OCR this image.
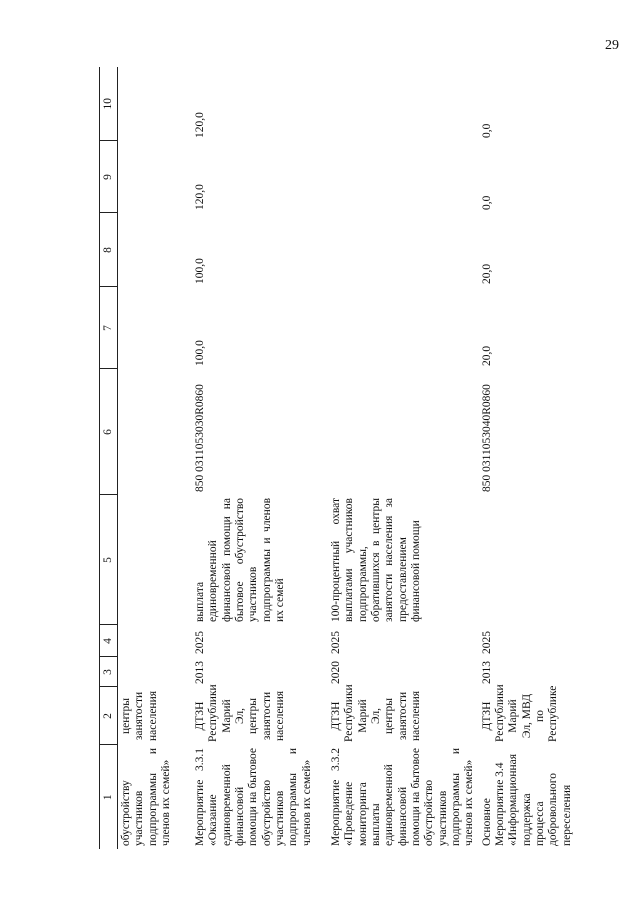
29
1	2	3	4	5	6	7	8	9	10
обустройству участников подпрограммы и членов их семей»	центры занятости населения								
Мероприятие 3.3.1 «Оказание единовременной финансовой помощи на бытовое обустройство участников подпрограммы и членов их семей»	ДТЗН Республики Марий Эл, центры занятости населения	2013	2025	выплата единовременной финансовой помощи на бытовое обустройство участников подпрограммы и членов их семей	850 0311053030R0860	100,0	100,0	120,0	120,0
Мероприятие 3.3.2 «Проведение мониторинга выплаты единовременной финансовой помощи на бытовое обустройство участников подпрограммы и членов их семей»	ДТЗН Республики Марий Эл, центры занятости населения	2020	2025	100-процентный охват выплатами участников подпрограммы, обратившихся в центры занятости населения за предоставлением финансовой помощи					
Основное Мероприятие 3.4 «Информационная поддержка процесса добровольного переселения	ДТЗН Республики Марий Эл, МВД по Республике	2013	2025		850 0311053040R0860	20,0	20,0	0,0	0,0
